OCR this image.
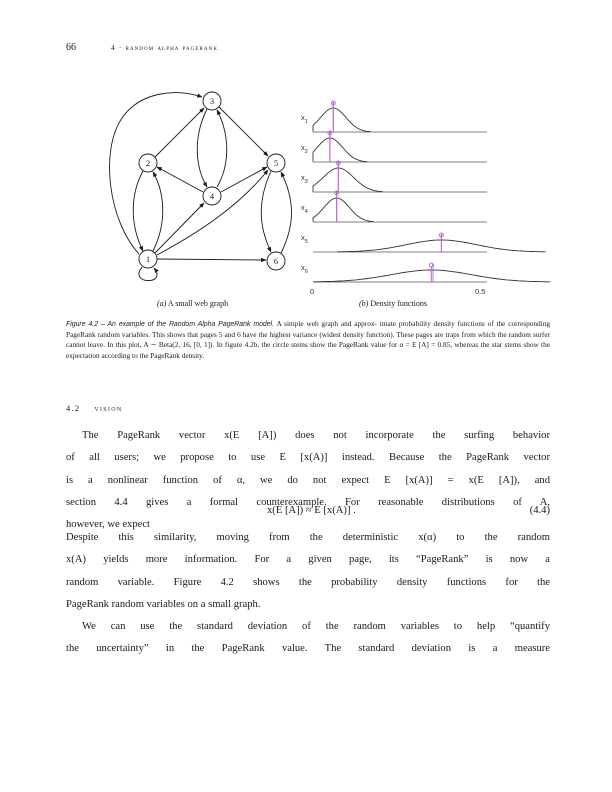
66	4 · random alpha pagerank
1
2
3
4
5
6
$x_1$
$x_2$
$x_3$
$x_4$
$x_5$
$x_6$
0	0.5
(a) A small web graph	(b) Density functions
Figure 4.2 – An example of the Random Alpha PageRank model. A simple web graph and approx- imate probability density functions of the corresponding PageRank random variables. This shows that pages 5 and 6 have the highest variance (widest density function). These pages are traps from which the random surfer cannot leave. In this plot, A ∼ Beta(2, 16, [0, 1]). In figure 4.2b, the circle stems show the PageRank value for α = E [A] = 0.85, whereas the star stems show the expectation according to the PageRank density.
4.2 vision
The PageRank vector x(E [A]) does not incorporate the surfing behavior
of all users; we propose to use E [x(A)] instead. Because the PageRank vector
is a nonlinear function of α, we do not expect E [x(A)] = x(E [A]), and
section 4.4 gives a formal counterexample. For reasonable distributions of A,
however, we expect
x(E [A]) ≈ E [x(A)] .	(4.4)
Despite this similarity, moving from the deterministic x(α) to the random
x(A) yields more information. For a given page, its “PageRank” is now a
random variable. Figure 4.2 shows the probability density functions for the
PageRank random variables on a small graph.
We can use the standard deviation of the random variables to help “quantify
the uncertainty” in the PageRank value. The standard deviation is a measure
